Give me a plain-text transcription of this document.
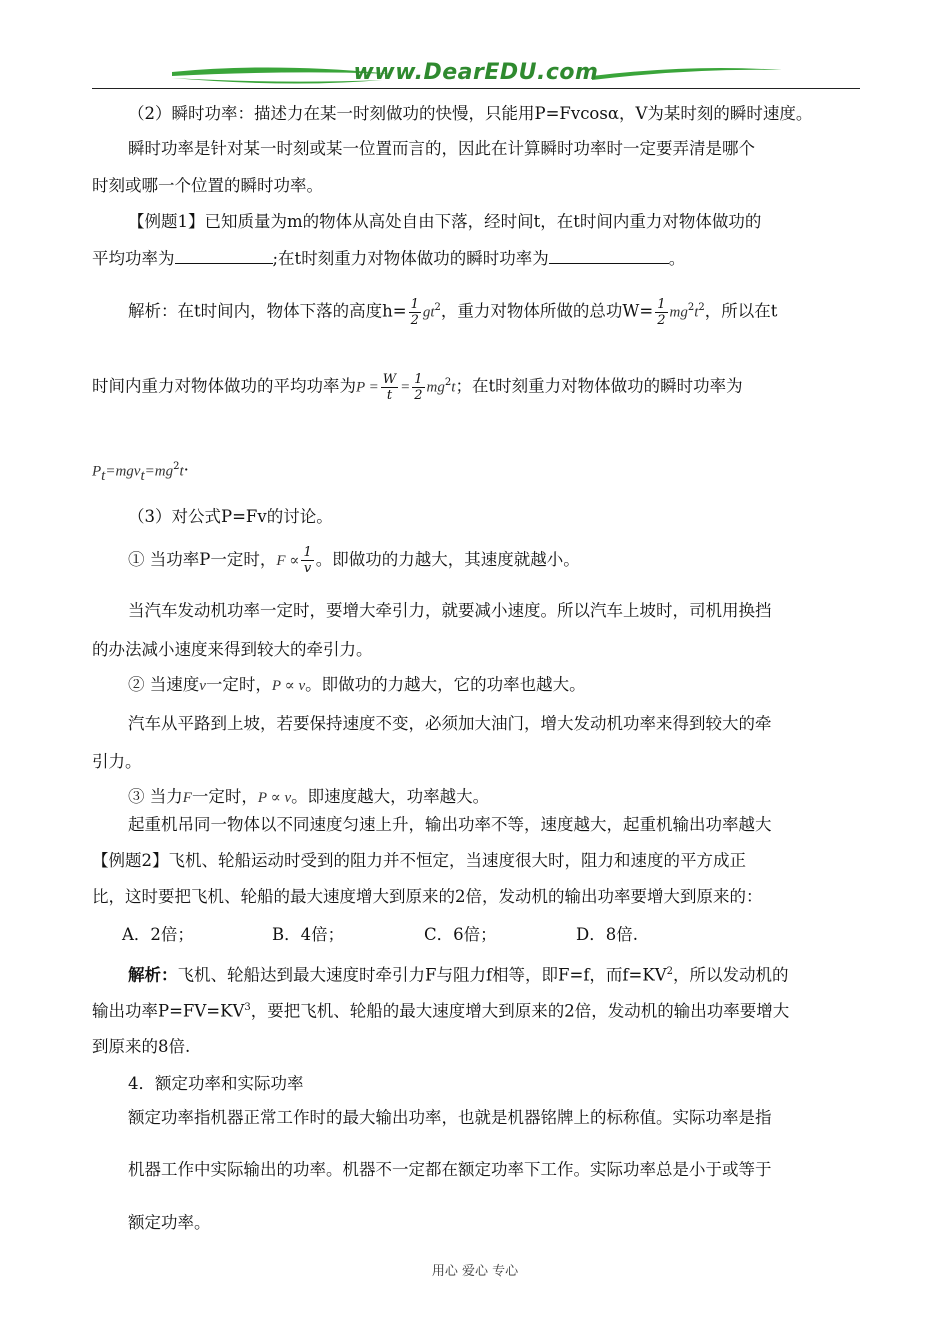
www.DearEDU.com
（2）瞬时功率：描述力在某一时刻做功的快慢，只能用P=Fvcosα，V为某时刻的瞬时速度。
瞬时功率是针对某一时刻或某一位置而言的，因此在计算瞬时功率时一定要弄清是哪个
时刻或哪一个位置的瞬时功率。
【例题1】已知质量为m的物体从高处自由下落，经时间t，在t时间内重力对物体做功的
平均功率为	;在t时刻重力对物体做功的瞬时功率为	。
解析：在t时间内，物体下落的高度$h= \frac{1}{2} gt^2$，重力对物体所做的总功$W= \frac{1}{2} mg^2t^2$，所以在t
时间内重力对物体做功的平均功率为$P = \frac{W}{t} = \frac{1}{2} mg^2t$；在t时刻重力对物体做功的瞬时功率为
$P_t=mgv_t=mg^2t\cdot$
（3）对公式P=Fv的讨论。
① 当功率P一定时，$F \propto \frac{1}{v}$ 。即做功的力越大，其速度就越小。
当汽车发动机功率一定时，要增大牵引力，就要减小速度。所以汽车上坡时，司机用换挡
的办法减小速度来得到较大的牵引力。
② 当速度v一定时，P ∝ v。即做功的力越大，它的功率也越大。
汽车从平路到上坡，若要保持速度不变，必须加大油门，增大发动机功率来得到较大的牵
引力。
③ 当力F一定时，P ∝ v。即速度越大，功率越大。
起重机吊同一物体以不同速度匀速上升，输出功率不等，速度越大，起重机输出功率越大
【例题2】飞机、轮船运动时受到的阻力并不恒定，当速度很大时，阻力和速度的平方成正
比，这时要把飞机、轮船的最大速度增大到原来的2倍，发动机的输出功率要增大到原来的：
A．2倍；	B．4倍；	C．6倍；	D．8倍.
解析：飞机、轮船达到最大速度时牵引力F与阻力f相等，即F=f，而$f=KV^2$，所以发动机的
输出功率$P=FV=KV^3$，要把飞机、轮船的最大速度增大到原来的2倍，发动机的输出功率要增大
到原来的8倍.
4．额定功率和实际功率
额定功率指机器正常工作时的最大输出功率，也就是机器铭牌上的标称值。实际功率是指
机器工作中实际输出的功率。机器不一定都在额定功率下工作。实际功率总是小于或等于
额定功率。
用心 爱心 专心
